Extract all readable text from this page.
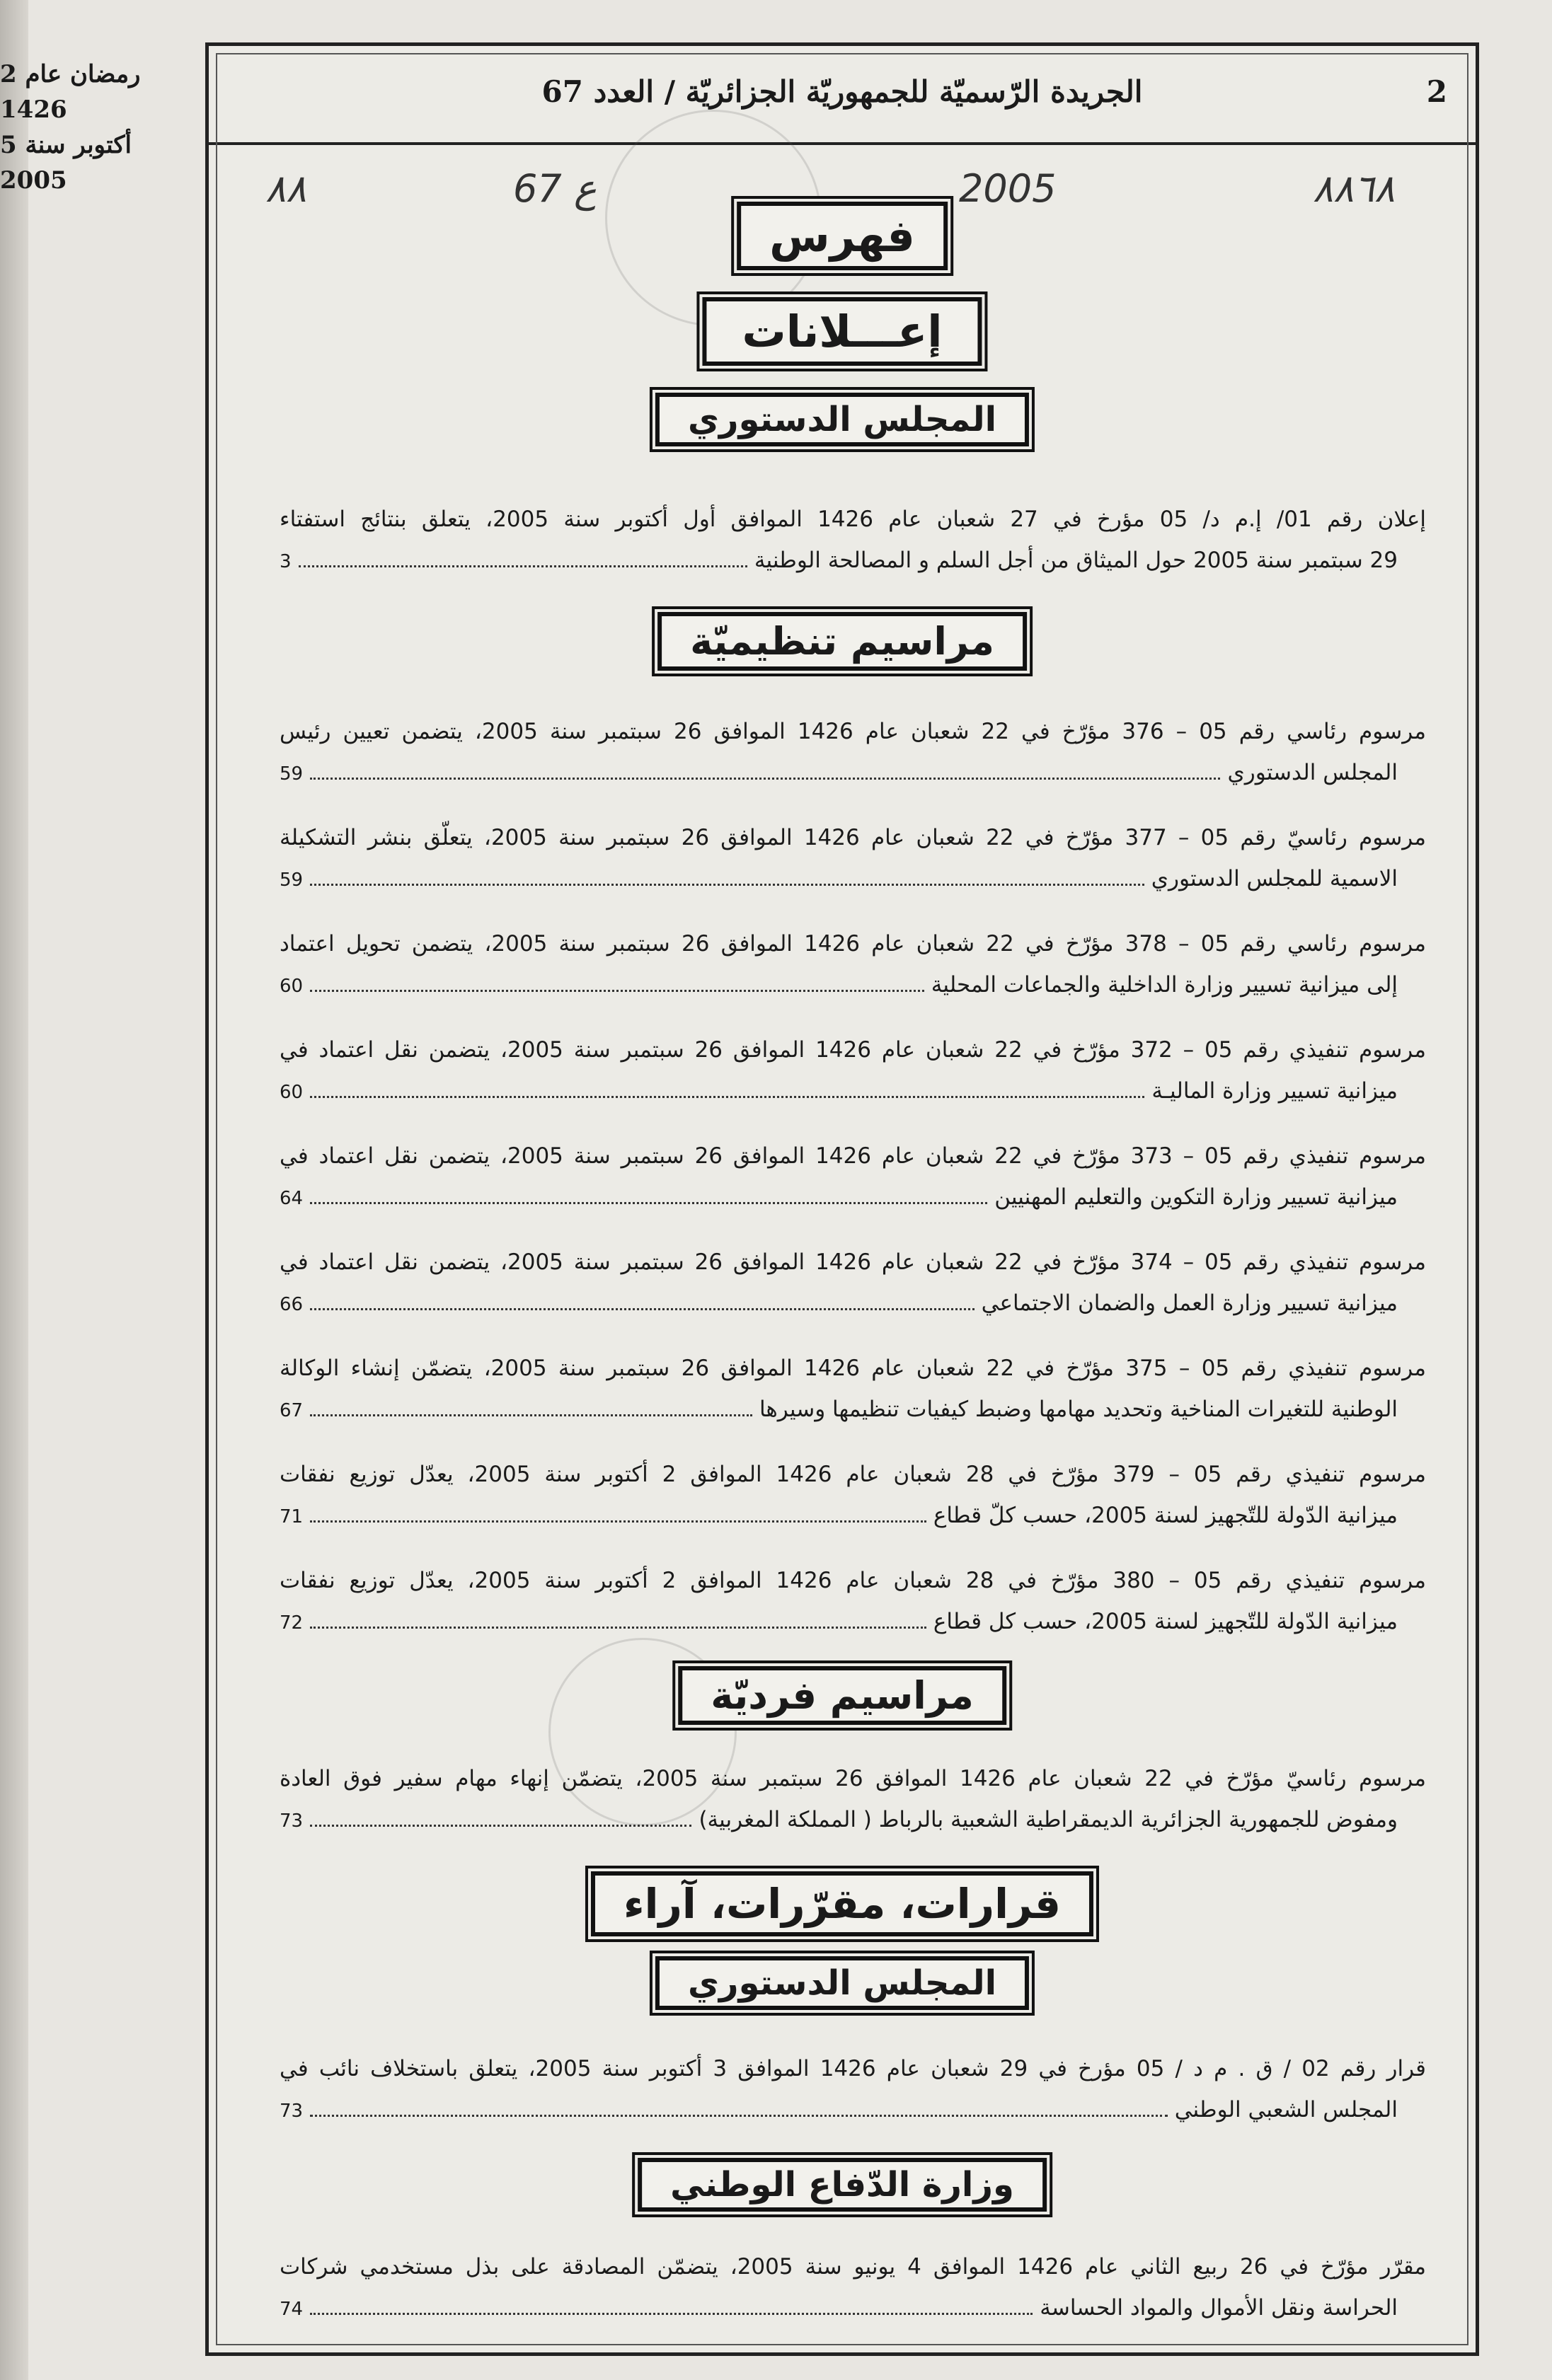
2 رمضان عام 1426
5 أكتوبر سنة 2005
الجريدة الرّسميّة للجمهوريّة الجزائريّة / العدد 67	2
٨٨٦٨
2005
67 ع
٨٨
فهرس
إعـــلانات
المجلس الدستوري
إعلان رقم 01/ إ.م د/ 05 مؤرخ في 27 شعبان عام 1426 الموافق أول أكتوبر سنة 2005، يتعلق بنتائج استفتاء
29 سبتمبر سنة 2005 حول الميثاق من أجل السلم و المصالحة الوطنية
3
مراسيم تنظيميّة
مرسوم رئاسي رقم 05 – 376 مؤرّخ في 22 شعبان عام 1426 الموافق 26 سبتمبر سنة 2005، يتضمن تعيين رئيس
المجلس الدستوري
59
مرسوم رئاسيّ رقم 05 – 377 مؤرّخ في 22 شعبان عام 1426 الموافق 26 سبتمبر سنة 2005، يتعلّق بنشر التشكيلة
الاسمية للمجلس الدستوري
59
مرسوم رئاسي رقم 05 – 378 مؤرّخ في 22 شعبان عام 1426 الموافق 26 سبتمبر سنة 2005، يتضمن تحويل اعتماد
إلى ميزانية تسيير وزارة الداخلية والجماعات المحلية
60
مرسوم تنفيذي رقم 05 – 372 مؤرّخ في 22 شعبان عام 1426 الموافق 26 سبتمبر سنة 2005، يتضمن نقل اعتماد في
ميزانية تسيير وزارة الماليـة
60
مرسوم تنفيذي رقم 05 – 373 مؤرّخ في 22 شعبان عام 1426 الموافق 26 سبتمبر سنة 2005، يتضمن نقل اعتماد في
ميزانية تسيير وزارة التكوين والتعليم المهنيين
64
مرسوم تنفيذي رقم 05 – 374 مؤرّخ في 22 شعبان عام 1426 الموافق 26 سبتمبر سنة 2005، يتضمن نقل اعتماد في
ميزانية تسيير وزارة العمل والضمان الاجتماعي
66
مرسوم تنفيذي رقم 05 – 375 مؤرّخ في 22 شعبان عام 1426 الموافق 26 سبتمبر سنة 2005، يتضمّن إنشاء الوكالة
الوطنية للتغيرات المناخية وتحديد مهامها وضبط كيفيات تنظيمها وسيرها
67
مرسوم تنفيذي رقم 05 – 379 مؤرّخ في 28 شعبان عام 1426 الموافق 2 أكتوبر سنة 2005، يعدّل توزيع نفقات
ميزانية الدّولة للتّجهيز لسنة 2005، حسب كلّ قطاع
71
مرسوم تنفيذي رقم 05 – 380 مؤرّخ في 28 شعبان عام 1426 الموافق 2 أكتوبر سنة 2005، يعدّل توزيع نفقات
ميزانية الدّولة للتّجهيز لسنة 2005، حسب كل قطاع
72
مراسيم فرديّة
مرسوم رئاسيّ مؤرّخ في 22 شعبان عام 1426 الموافق 26 سبتمبر سنة 2005، يتضمّن إنهاء مهام سفير فوق العادة
ومفوض للجمهورية الجزائرية الديمقراطية الشعبية بالرباط ( المملكة المغربية)
73
قرارات، مقرّرات، آراء
المجلس الدستوري
قرار رقم 02 / ق . م د / 05 مؤرخ في 29 شعبان عام 1426 الموافق 3 أكتوبر سنة 2005، يتعلق باستخلاف نائب في
المجلس الشعبي الوطني
73
وزارة الدّفاع الوطني
مقرّر مؤرّخ في 26 ربيع الثاني عام 1426 الموافق 4 يونيو سنة 2005، يتضمّن المصادقة على بذل مستخدمي شركات
الحراسة ونقل الأموال والمواد الحساسة
74
